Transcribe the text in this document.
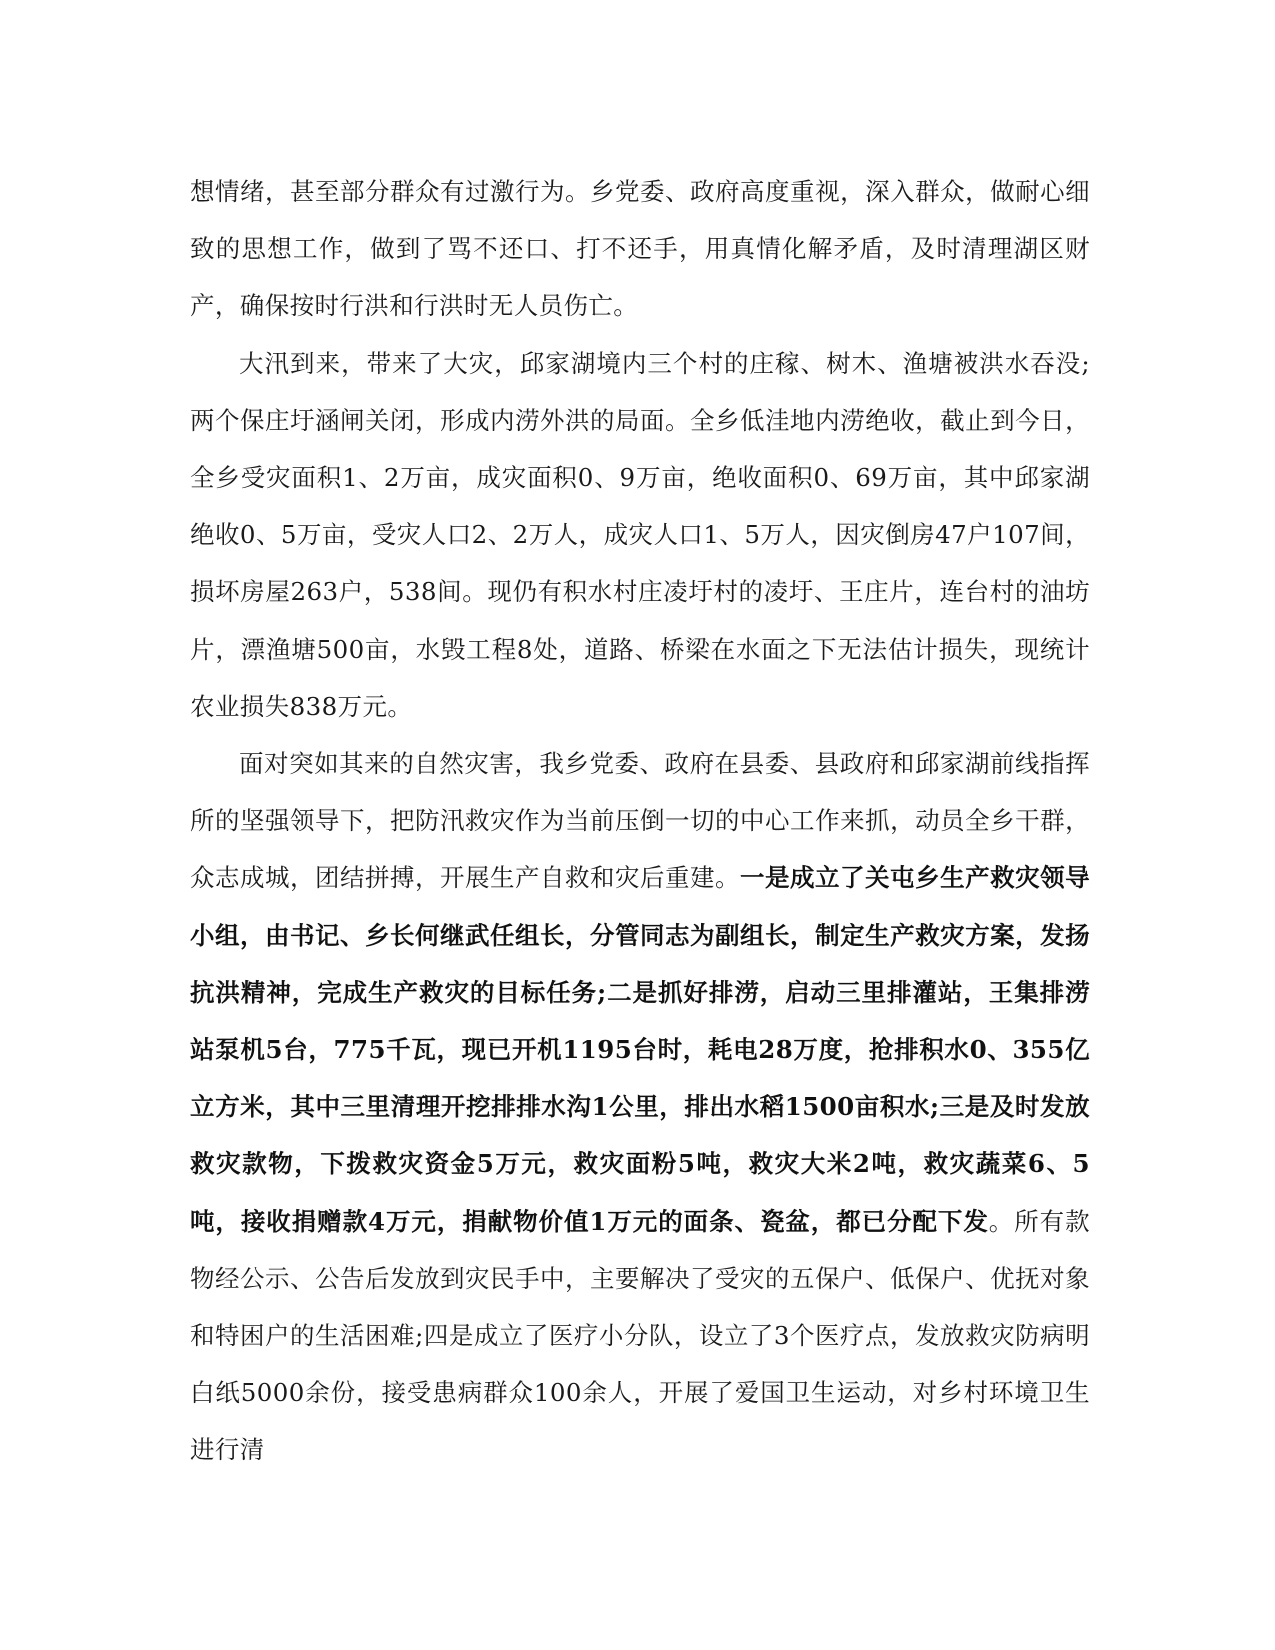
想情绪，甚至部分群众有过激行为。乡党委、政府高度重视，深入群众，做耐心细致的思想工作，做到了骂不还口、打不还手，用真情化解矛盾，及时清理湖区财产，确保按时行洪和行洪时无人员伤亡。

大汛到来，带来了大灾，邱家湖境内三个村的庄稼、树木、渔塘被洪水吞没;两个保庄圩涵闸关闭，形成内涝外洪的局面。全乡低洼地内涝绝收，截止到今日，全乡受灾面积1、2万亩，成灾面积0、9万亩，绝收面积0、69万亩，其中邱家湖绝收0、5万亩，受灾人口2、2万人，成灾人口1、5万人，因灾倒房47户107间，损坏房屋263户，538间。现仍有积水村庄凌圩村的凌圩、王庄片，连台村的油坊片，漂渔塘500亩，水毁工程8处，道路、桥梁在水面之下无法估计损失，现统计农业损失838万元。

面对突如其来的自然灾害，我乡党委、政府在县委、县政府和邱家湖前线指挥所的坚强领导下，把防汛救灾作为当前压倒一切的中心工作来抓，动员全乡干群，众志成城，团结拼搏，开展生产自救和灾后重建。一是成立了关屯乡生产救灾领导小组，由书记、乡长何继武任组长，分管同志为副组长，制定生产救灾方案，发扬抗洪精神，完成生产救灾的目标任务;二是抓好排涝，启动三里排灌站，王集排涝站泵机5台，775千瓦，现已开机1195台时，耗电28万度，抢排积水0、355亿立方米，其中三里清理开挖排排水沟1公里，排出水稻1500亩积水;三是及时发放救灾款物，下拨救灾资金5万元，救灾面粉5吨，救灾大米2吨，救灾蔬菜6、5吨，接收捐赠款4万元，捐献物价值1万元的面条、瓷盆，都已分配下发。所有款物经公示、公告后发放到灾民手中，主要解决了受灾的五保户、低保户、优抚对象和特困户的生活困难;四是成立了医疗小分队，设立了3个医疗点，发放救灾防病明白纸5000余份，接受患病群众100余人，开展了爱国卫生运动，对乡村环境卫生进行清
